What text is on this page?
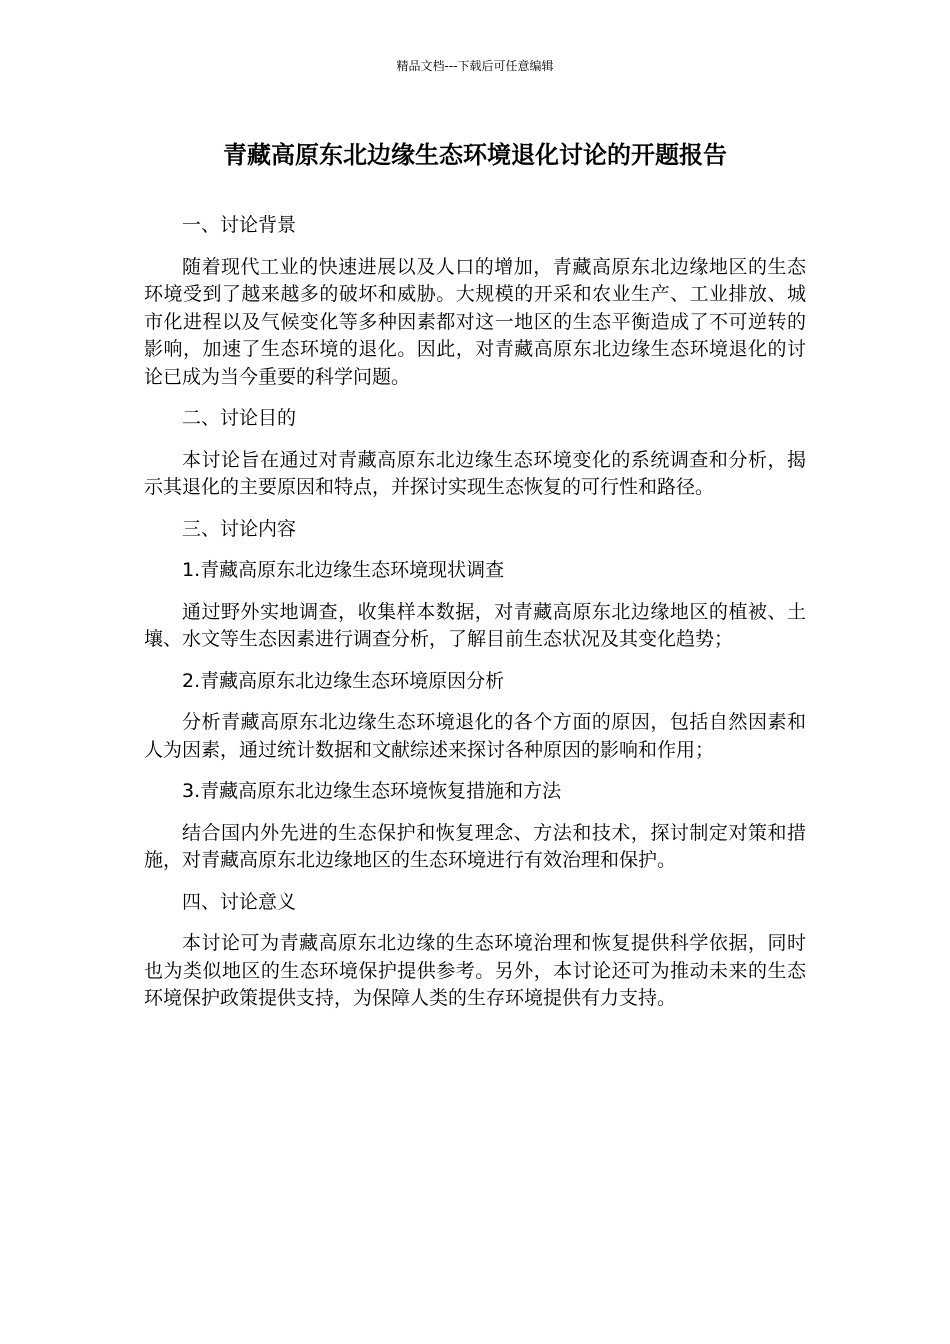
精品文档---下载后可任意编辑
青藏高原东北边缘生态环境退化讨论的开题报告

一、讨论背景

随着现代工业的快速进展以及人口的增加，青藏高原东北边缘地区的生态环境受到了越来越多的破坏和威胁。大规模的开采和农业生产、工业排放、城市化进程以及气候变化等多种因素都对这一地区的生态平衡造成了不可逆转的影响，加速了生态环境的退化。因此，对青藏高原东北边缘生态环境退化的讨论已成为当今重要的科学问题。

二、讨论目的

本讨论旨在通过对青藏高原东北边缘生态环境变化的系统调查和分析，揭示其退化的主要原因和特点，并探讨实现生态恢复的可行性和路径。

三、讨论内容

1.青藏高原东北边缘生态环境现状调查

通过野外实地调查，收集样本数据，对青藏高原东北边缘地区的植被、土壤、水文等生态因素进行调查分析，了解目前生态状况及其变化趋势；

2.青藏高原东北边缘生态环境原因分析

分析青藏高原东北边缘生态环境退化的各个方面的原因，包括自然因素和人为因素，通过统计数据和文献综述来探讨各种原因的影响和作用；

3.青藏高原东北边缘生态环境恢复措施和方法

结合国内外先进的生态保护和恢复理念、方法和技术，探讨制定对策和措施，对青藏高原东北边缘地区的生态环境进行有效治理和保护。

四、讨论意义

本讨论可为青藏高原东北边缘的生态环境治理和恢复提供科学依据，同时也为类似地区的生态环境保护提供参考。另外，本讨论还可为推动未来的生态环境保护政策提供支持，为保障人类的生存环境提供有力支持。
